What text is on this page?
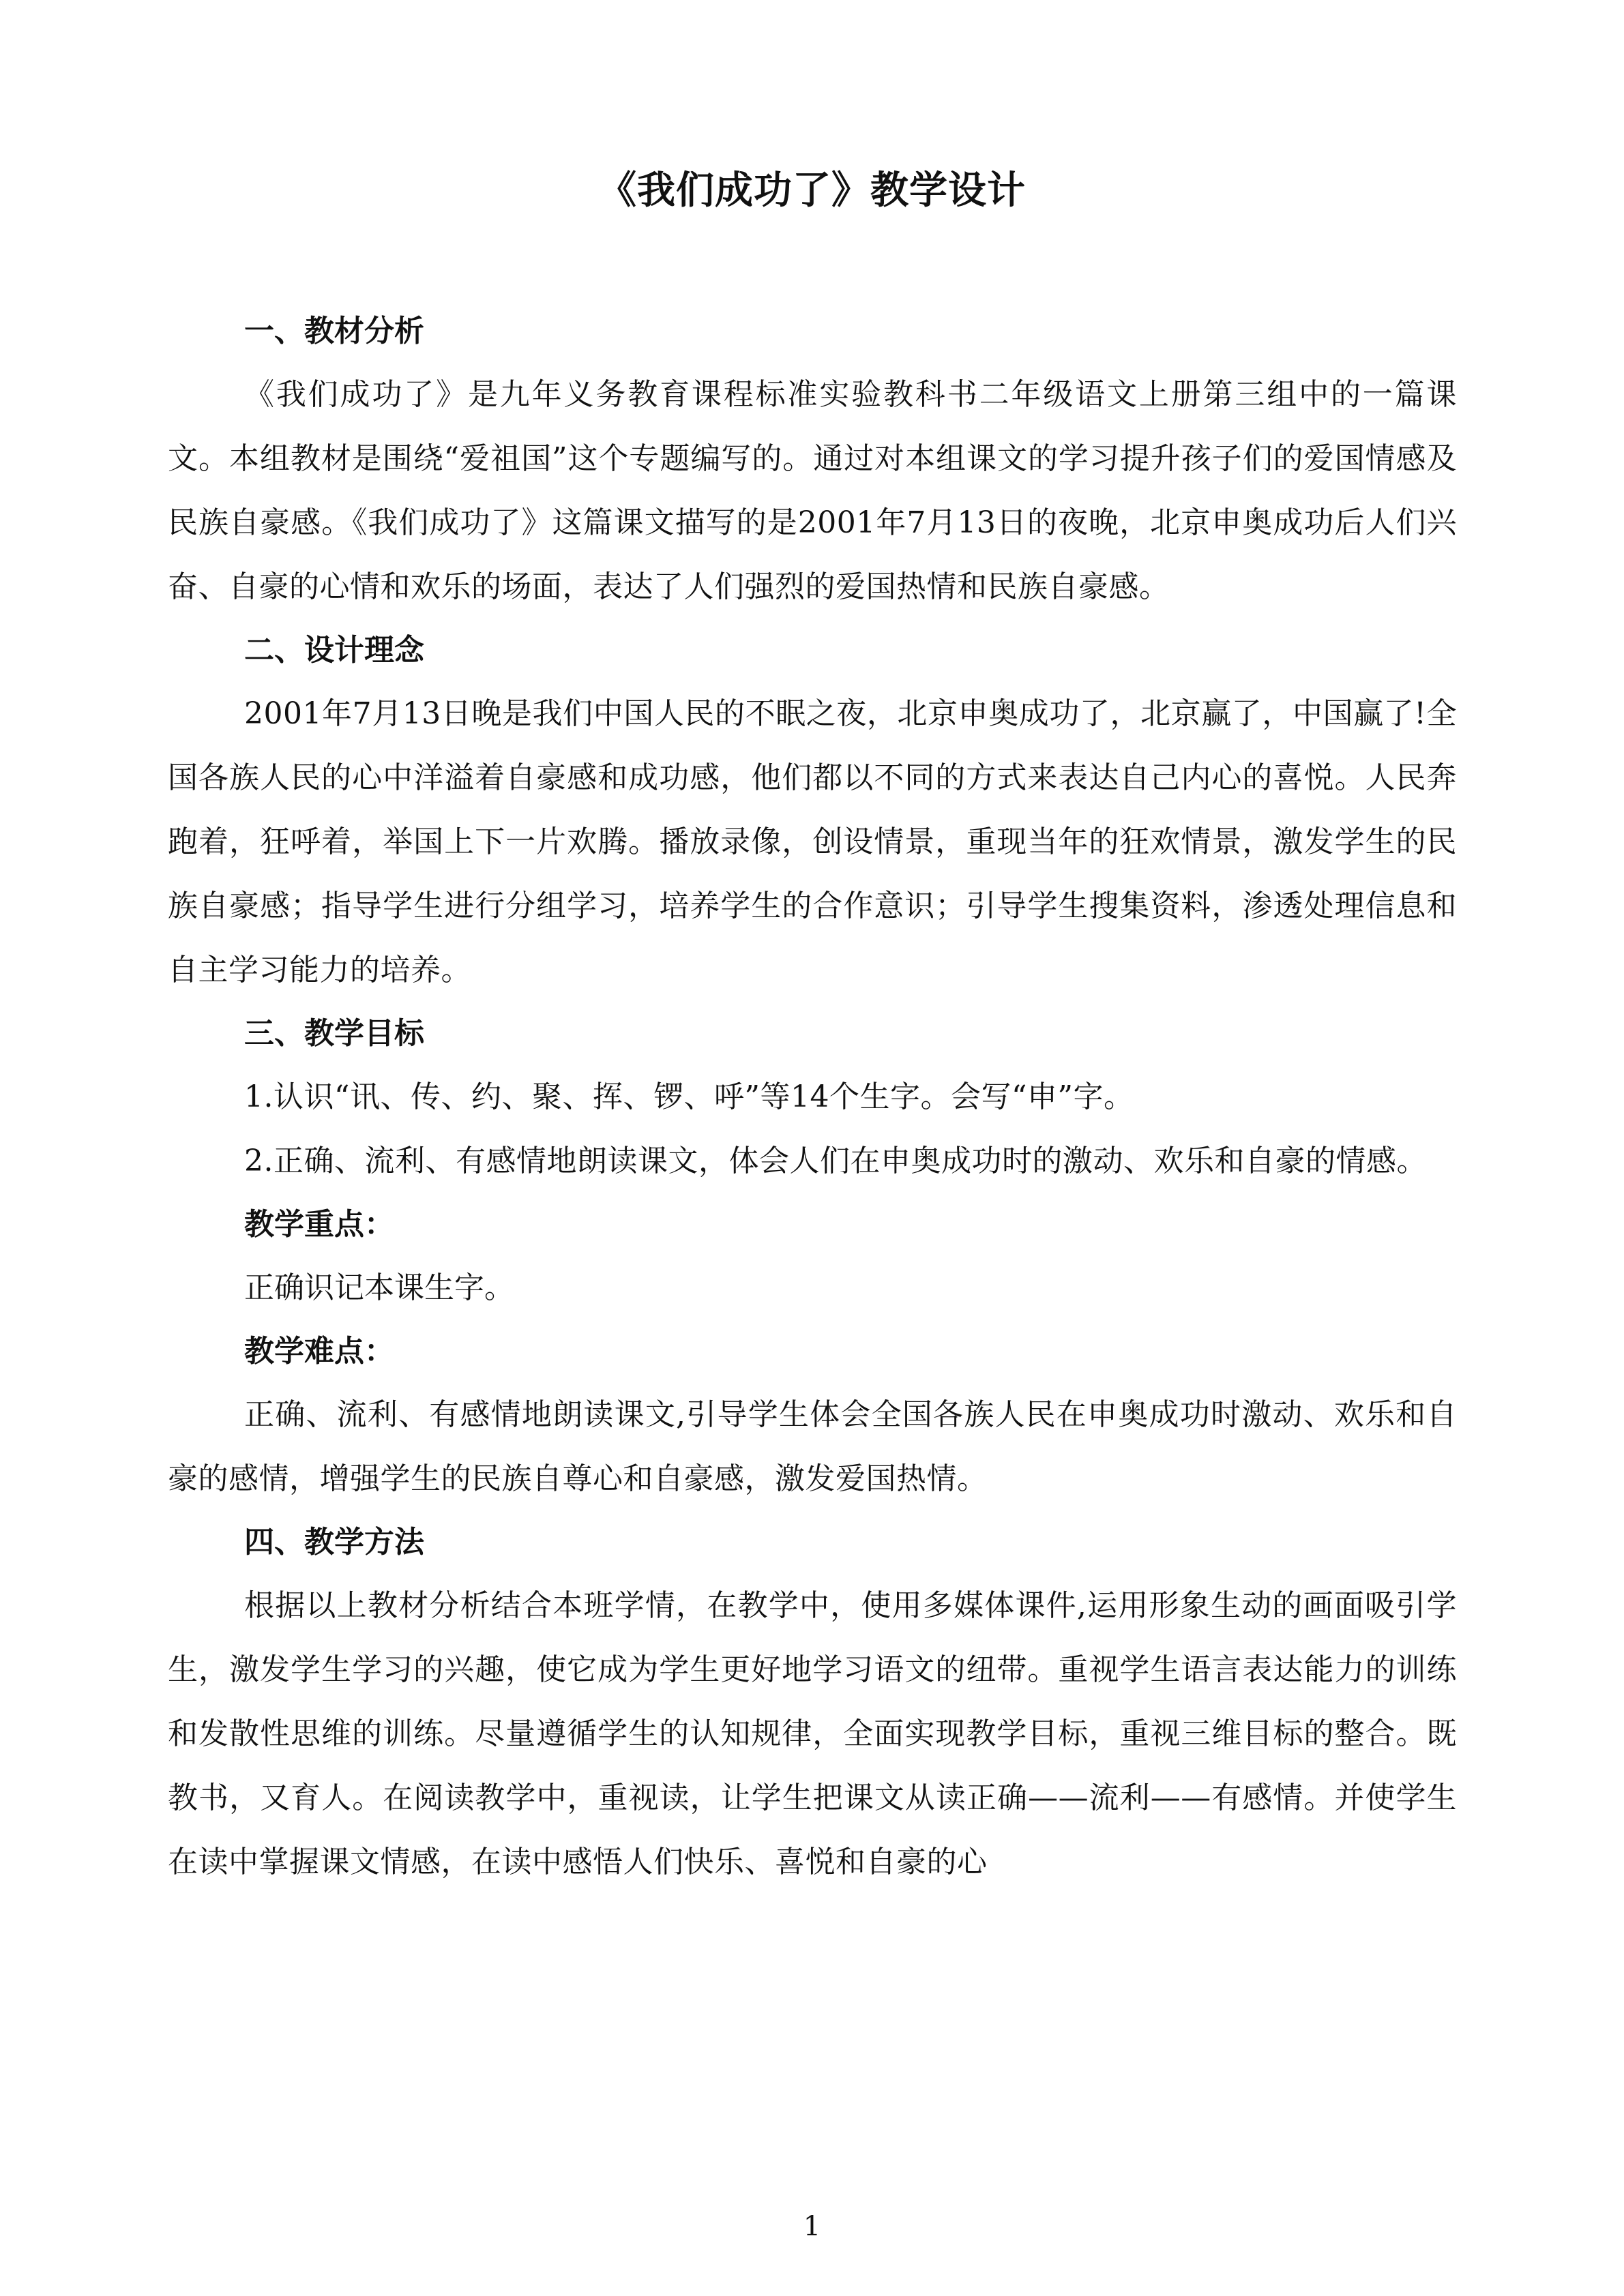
《我们成功了》教学设计

一、教材分析

《我们成功了》是九年义务教育课程标准实验教科书二年级语文上册第三组中的一篇课文。本组教材是围绕“爱祖国”这个专题编写的。通过对本组课文的学习提升孩子们的爱国情感及民族自豪感。《我们成功了》这篇课文描写的是2001年7月13日的夜晚，北京申奥成功后人们兴奋、自豪的心情和欢乐的场面，表达了人们强烈的爱国热情和民族自豪感。

二、设计理念

2001年7月13日晚是我们中国人民的不眠之夜，北京申奥成功了，北京赢了，中国赢了!全国各族人民的心中洋溢着自豪感和成功感，他们都以不同的方式来表达自己内心的喜悦。人民奔跑着，狂呼着，举国上下一片欢腾。播放录像，创设情景，重现当年的狂欢情景，激发学生的民族自豪感；指导学生进行分组学习，培养学生的合作意识；引导学生搜集资料，渗透处理信息和自主学习能力的培养。

三、教学目标

1.认识“讯、传、约、聚、挥、锣、呼”等14个生字。会写“申”字。

2.正确、流利、有感情地朗读课文，体会人们在申奥成功时的激动、欢乐和自豪的情感。

教学重点：

正确识记本课生字。

教学难点：

正确、流利、有感情地朗读课文,引导学生体会全国各族人民在申奥成功时激动、欢乐和自豪的感情，增强学生的民族自尊心和自豪感，激发爱国热情。

四、教学方法

根据以上教材分析结合本班学情，在教学中，使用多媒体课件,运用形象生动的画面吸引学生，激发学生学习的兴趣，使它成为学生更好地学习语文的纽带。重视学生语言表达能力的训练和发散性思维的训练。尽量遵循学生的认知规律，全面实现教学目标，重视三维目标的整合。既教书，又育人。在阅读教学中，重视读，让学生把课文从读正确——流利——有感情。并使学生在读中掌握课文情感，在读中感悟人们快乐、喜悦和自豪的心

1
